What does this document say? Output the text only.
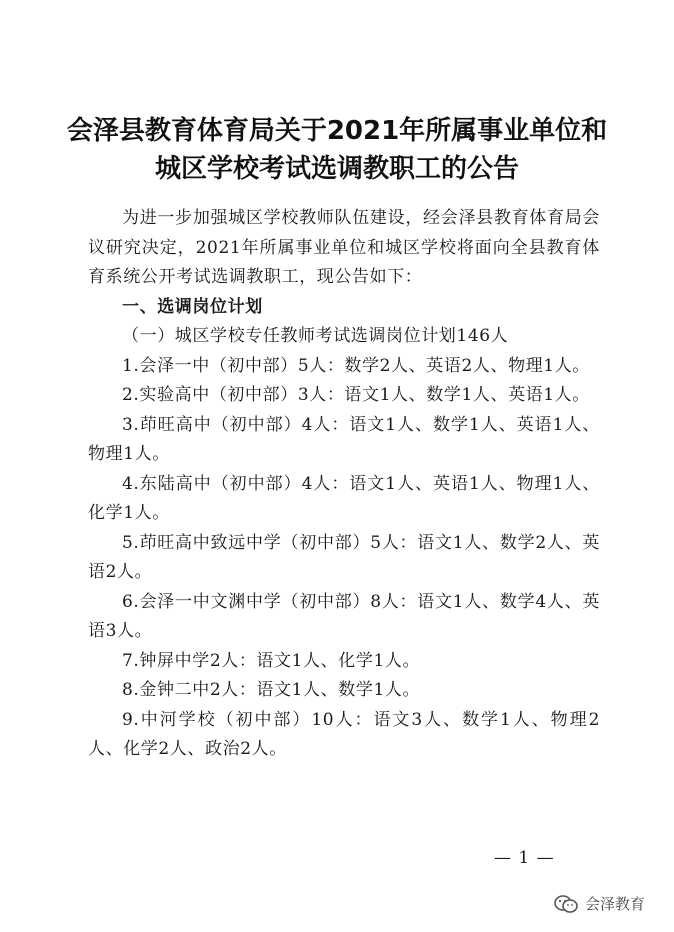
会泽县教育体育局关于2021年所属事业单位和
城区学校考试选调教职工的公告

为进一步加强城区学校教师队伍建设，经会泽县教育体育局会议研究决定，2021年所属事业单位和城区学校将面向全县教育体育系统公开考试选调教职工，现公告如下：

一、选调岗位计划

（一）城区学校专任教师考试选调岗位计划146人

1.会泽一中（初中部）5人：数学2人、英语2人、物理1人。

2.实验高中（初中部）3人：语文1人、数学1人、英语1人。

3.茚旺高中（初中部）4人：语文1人、数学1人、英语1人、物理1人。

4.东陆高中（初中部）4人：语文1人、英语1人、物理1人、化学1人。

5.茚旺高中致远中学（初中部）5人：语文1人、数学2人、英语2人。

6.会泽一中文渊中学（初中部）8人：语文1人、数学4人、英语3人。

7.钟屏中学2人：语文1人、化学1人。

8.金钟二中2人：语文1人、数学1人。

9.中河学校（初中部）10人：语文3人、数学1人、物理2人、化学2人、政治2人。

— 1 —
会泽教育
